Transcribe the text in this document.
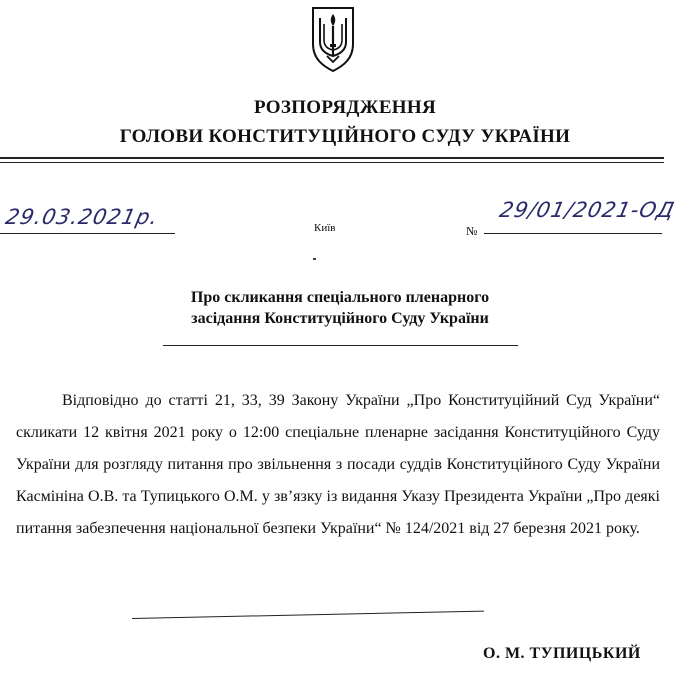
РОЗПОРЯДЖЕННЯ
ГОЛОВИ КОНСТИТУЦІЙНОГО СУДУ УКРАЇНИ
29.03.2021р.	Київ	№
29/01/2021-ОД
Про скликання спеціального пленарного
засідання Конституційного Суду України
Відповідно до статті 21, 33, 39 Закону України „Про Конституційний Суд України“ скликати 12 квітня 2021 року о 12:00 спеціальне пленарне засідання Конституційного Суду України для розгляду питання про звільнення з посади суддів Конституційного Суду України Касмініна О.В. та Тупицького О.М. у зв’язку із видання Указу Президента України „Про деякі питання забезпечення національної безпеки України“ № 124/2021 від 27 березня 2021 року.
О. М. ТУПИЦЬКИЙ
